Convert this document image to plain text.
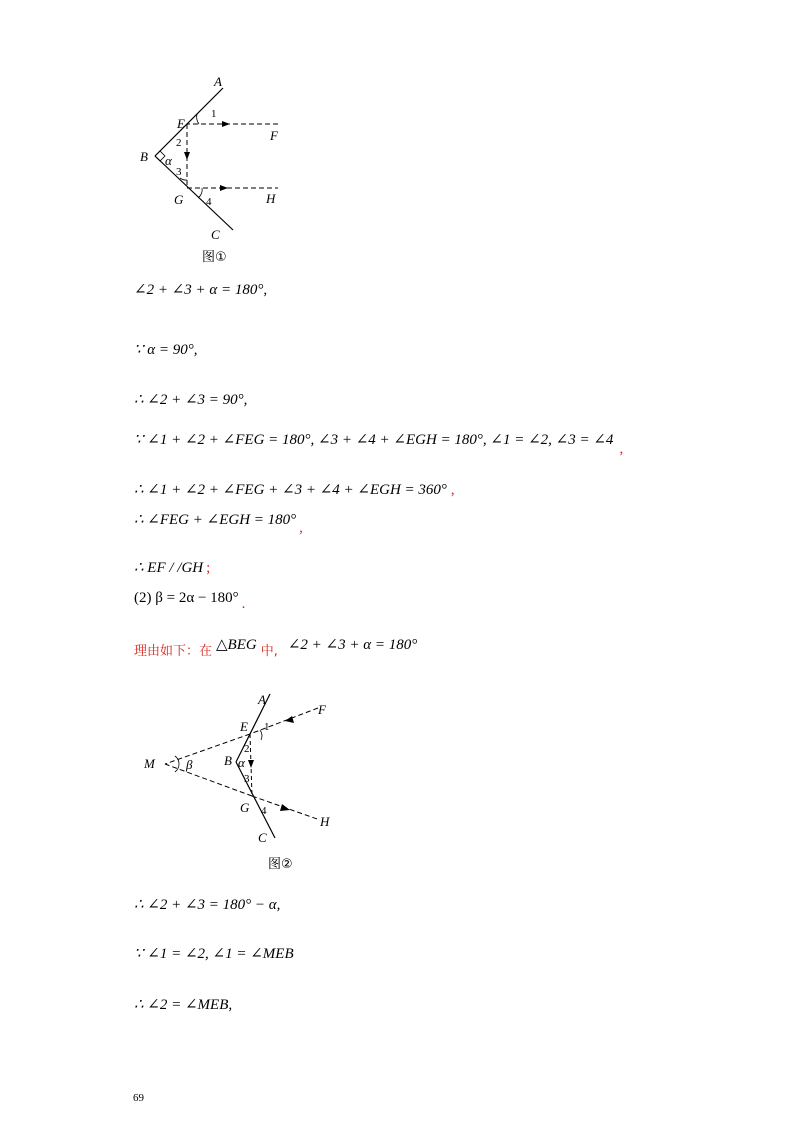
A
E
F
B α
G	H
C
1
2
3
4
图①
∠2 + ∠3 + α = 180°,
∵ α = 90°,
∴ ∠2 + ∠3 = 90°,
∵ ∠1 + ∠2 + ∠FEG = 180°, ∠3 + ∠4 + ∠EGH = 180°, ∠1 = ∠2, ∠3 = ∠4,
∴ ∠1 + ∠2 + ∠FEG + ∠3 + ∠4 + ∠EGH = 360° ,
∴ ∠FEG + ∠EGH = 180° ,
∴ EF / /GH ;
(2) β = 2α − 180° .
理由如下：在 △BEG 中, ∠2 + ∠3 + α = 180°
A
E
F
M β B α
G
H
C
1
2
3
4
图②
∴ ∠2 + ∠3 = 180° − α,
∵ ∠1 = ∠2, ∠1 = ∠MEB
∴ ∠2 = ∠MEB,
69
